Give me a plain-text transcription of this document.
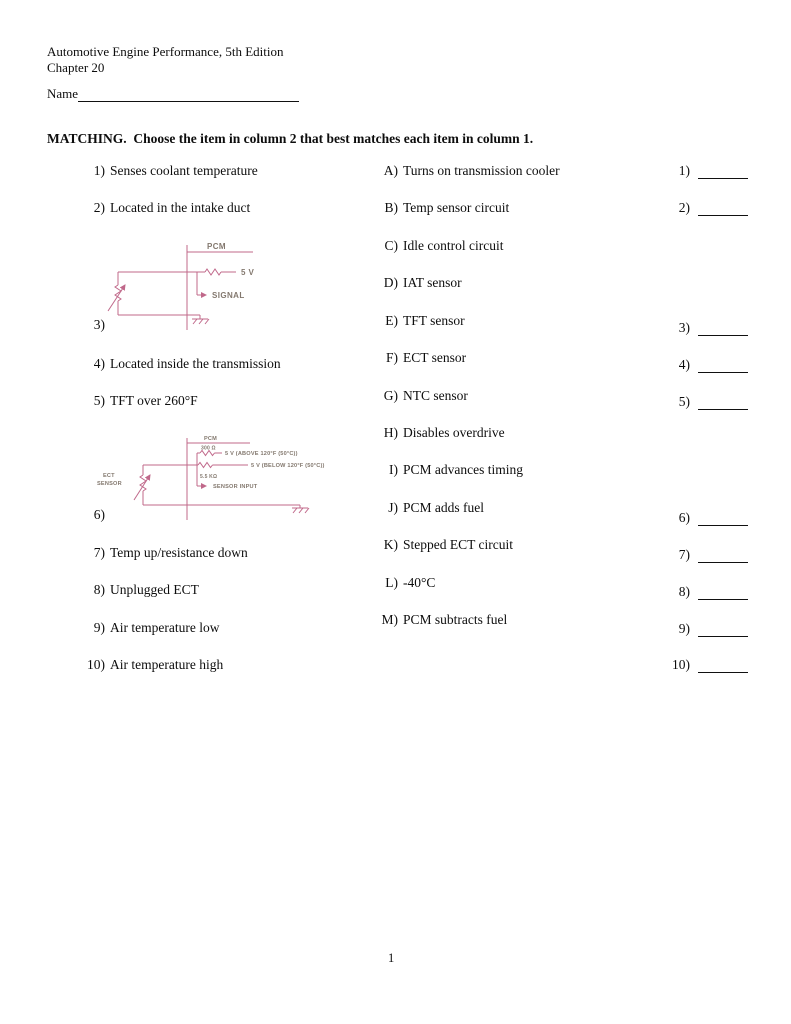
Automotive Engine Performance, 5th Edition
Chapter 20
Name
MATCHING.  Choose the item in column 2 that best matches each item in column 1.
1) Senses coolant temperature
2) Located in the intake duct
PCM
5 V
SIGNAL
3)
4) Located inside the transmission
5) TFT over 260°F
PCM
300 Ω
5 V (ABOVE 120°F (50°C))
5 V (BELOW 120°F (50°C))
5.5 KΩ
SENSOR INPUT
ECT
SENSOR
6)
7) Temp up/resistance down
8) Unplugged ECT
9) Air temperature low
10) Air temperature high
A) Turns on transmission cooler
B) Temp sensor circuit
C) Idle control circuit
D) IAT sensor
E) TFT sensor
F) ECT sensor
G) NTC sensor
H) Disables overdrive
I) PCM advances timing
J) PCM adds fuel
K) Stepped ECT circuit
L) -40°C
M) PCM subtracts fuel
1)
2)
3)
4)
5)
6)
7)
8)
9)
10)
1
